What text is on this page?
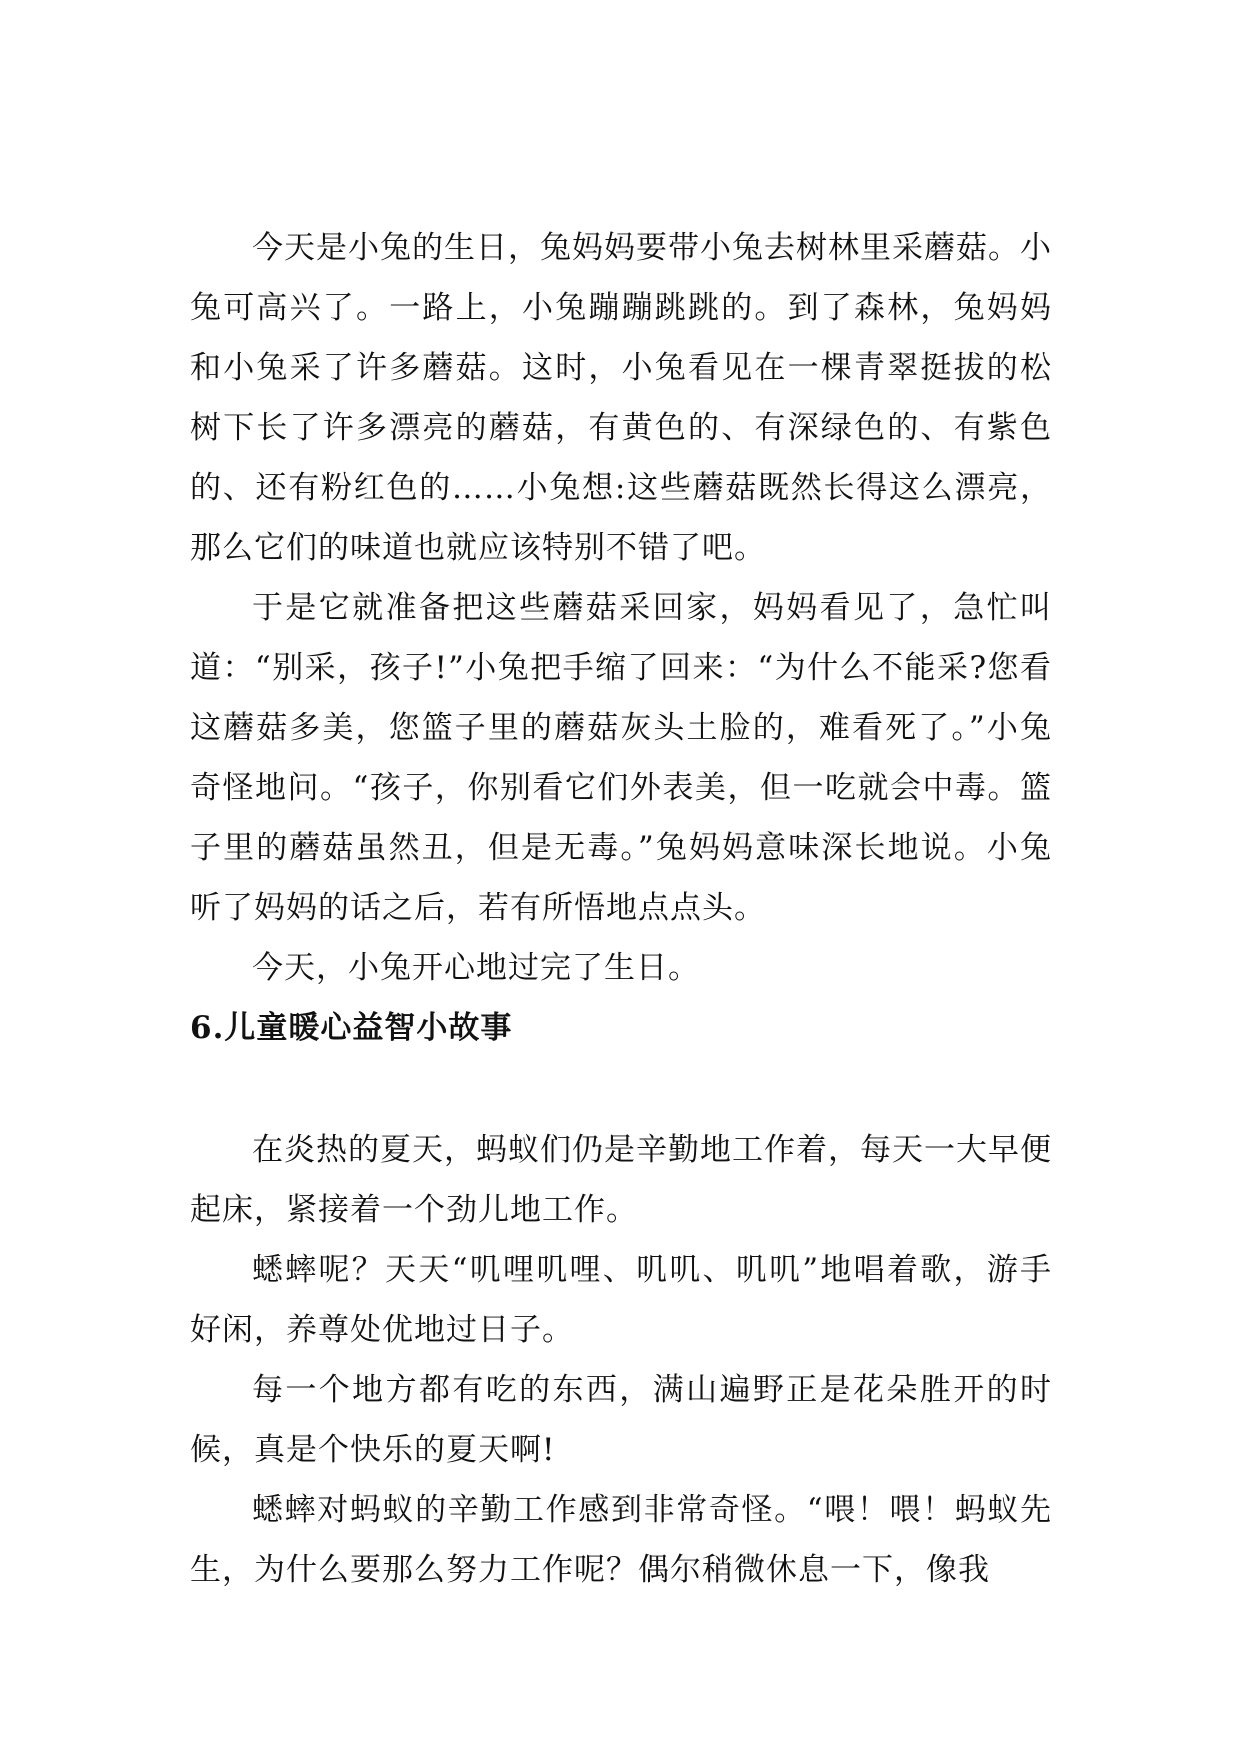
今天是小兔的生日，兔妈妈要带小兔去树林里采蘑菇。小兔可高兴了。一路上，小兔蹦蹦跳跳的。到了森林，兔妈妈和小兔采了许多蘑菇。这时，小兔看见在一棵青翠挺拔的松树下长了许多漂亮的蘑菇，有黄色的、有深绿色的、有紫色的、还有粉红色的……小兔想:这些蘑菇既然长得这么漂亮，那么它们的味道也就应该特别不错了吧。

于是它就准备把这些蘑菇采回家，妈妈看见了，急忙叫道：“别采，孩子!”小兔把手缩了回来：“为什么不能采?您看这蘑菇多美，您篮子里的蘑菇灰头土脸的，难看死了。”小兔奇怪地问。“孩子，你别看它们外表美，但一吃就会中毒。篮子里的蘑菇虽然丑，但是无毒。”兔妈妈意味深长地说。小兔听了妈妈的话之后，若有所悟地点点头。

今天，小兔开心地过完了生日。

6.儿童暖心益智小故事

在炎热的夏天，蚂蚁们仍是辛勤地工作着，每天一大早便起床，紧接着一个劲儿地工作。

蟋蟀呢？天天“叽哩叽哩、叽叽、叽叽”地唱着歌，游手好闲，养尊处优地过日子。

每一个地方都有吃的东西，满山遍野正是花朵胜开的时候，真是个快乐的夏天啊!

蟋蟀对蚂蚁的辛勤工作感到非常奇怪。“喂！喂！蚂蚁先生，为什么要那么努力工作呢？偶尔稍微休息一下，像我
